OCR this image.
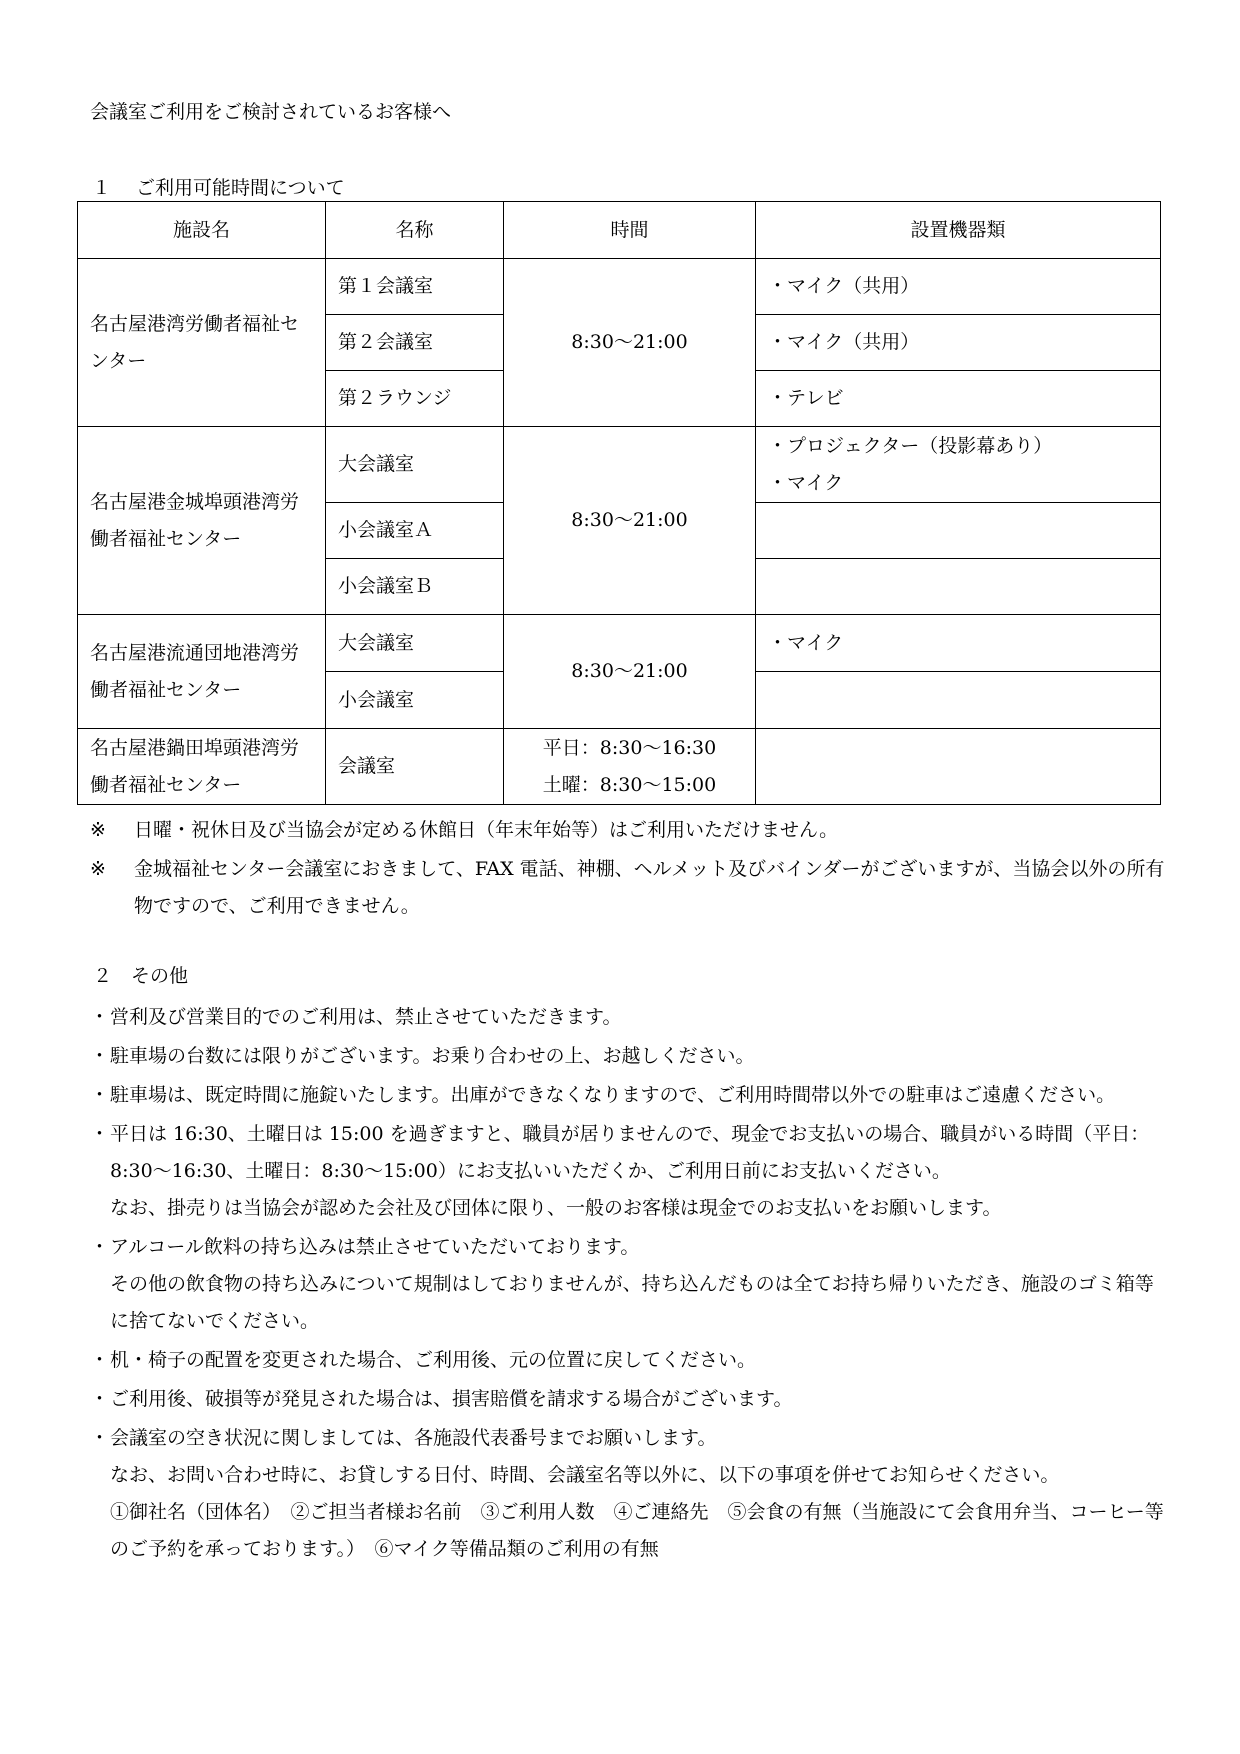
会議室ご利用をご検討されているお客様へ
１ ご利用可能時間について
施設名	名称	時間	設置機器類
名古屋港湾労働者福祉センター	第１会議室	8:30～21:00	・マイク（共用）

	第２会議室		・マイク（共用）

	第２ラウンジ		・テレビ

名古屋港金城埠頭港湾労働者福祉センター	大会議室	8:30～21:00	・プロジェクター（投影幕あり）
・マイク

	小会議室Ａ		
	小会議室Ｂ		
名古屋港流通団地港湾労働者福祉センター	大会議室	8:30～21:00	・マイク

	小会議室		
名古屋港鍋田埠頭港湾労働者福祉センター	会議室	平日：8:30～16:30
土曜：8:30～15:00	

※ 日曜・祝休日及び当協会が定める休館日（年末年始等）はご利用いただけません。
※ 金城福祉センター会議室におきまして、FAX 電話、神棚、ヘルメット及びバインダーがございますが、当協会以外の所有物ですので、ご利用できません。
２ その他
・ 営利及び営業目的でのご利用は、禁止させていただきます。

・ 駐車場の台数には限りがございます。お乗り合わせの上、お越しください。

・ 駐車場は、既定時間に施錠いたします。出庫ができなくなりますので、ご利用時間帯以外での駐車はご遠慮ください。

・ 平日は 16:30、土曜日は 15:00 を過ぎますと、職員が居りませんので、現金でお支払いの場合、職員がいる時間（平日：8:30～16:30、土曜日：8:30～15:00）にお支払いいただくか、ご利用日前にお支払いください。

なお、掛売りは当協会が認めた会社及び団体に限り、一般のお客様は現金でのお支払いをお願いします。

・ アルコール飲料の持ち込みは禁止させていただいております。

その他の飲食物の持ち込みについて規制はしておりませんが、持ち込んだものは全てお持ち帰りいただき、施設のゴミ箱等に捨てないでください。

・ 机・椅子の配置を変更された場合、ご利用後、元の位置に戻してください。

・ ご利用後、破損等が発見された場合は、損害賠償を請求する場合がございます。

・ 会議室の空き状況に関しましては、各施設代表番号までお願いします。

なお、お問い合わせ時に、お貸しする日付、時間、会議室名等以外に、以下の事項を併せてお知らせください。

①御社名（団体名）　②ご担当者様お名前　③ご利用人数　④ご連絡先　⑤会食の有無（当施設にて会食用弁当、コーヒー等のご予約を承っております。）　⑥マイク等備品類のご利用の有無
